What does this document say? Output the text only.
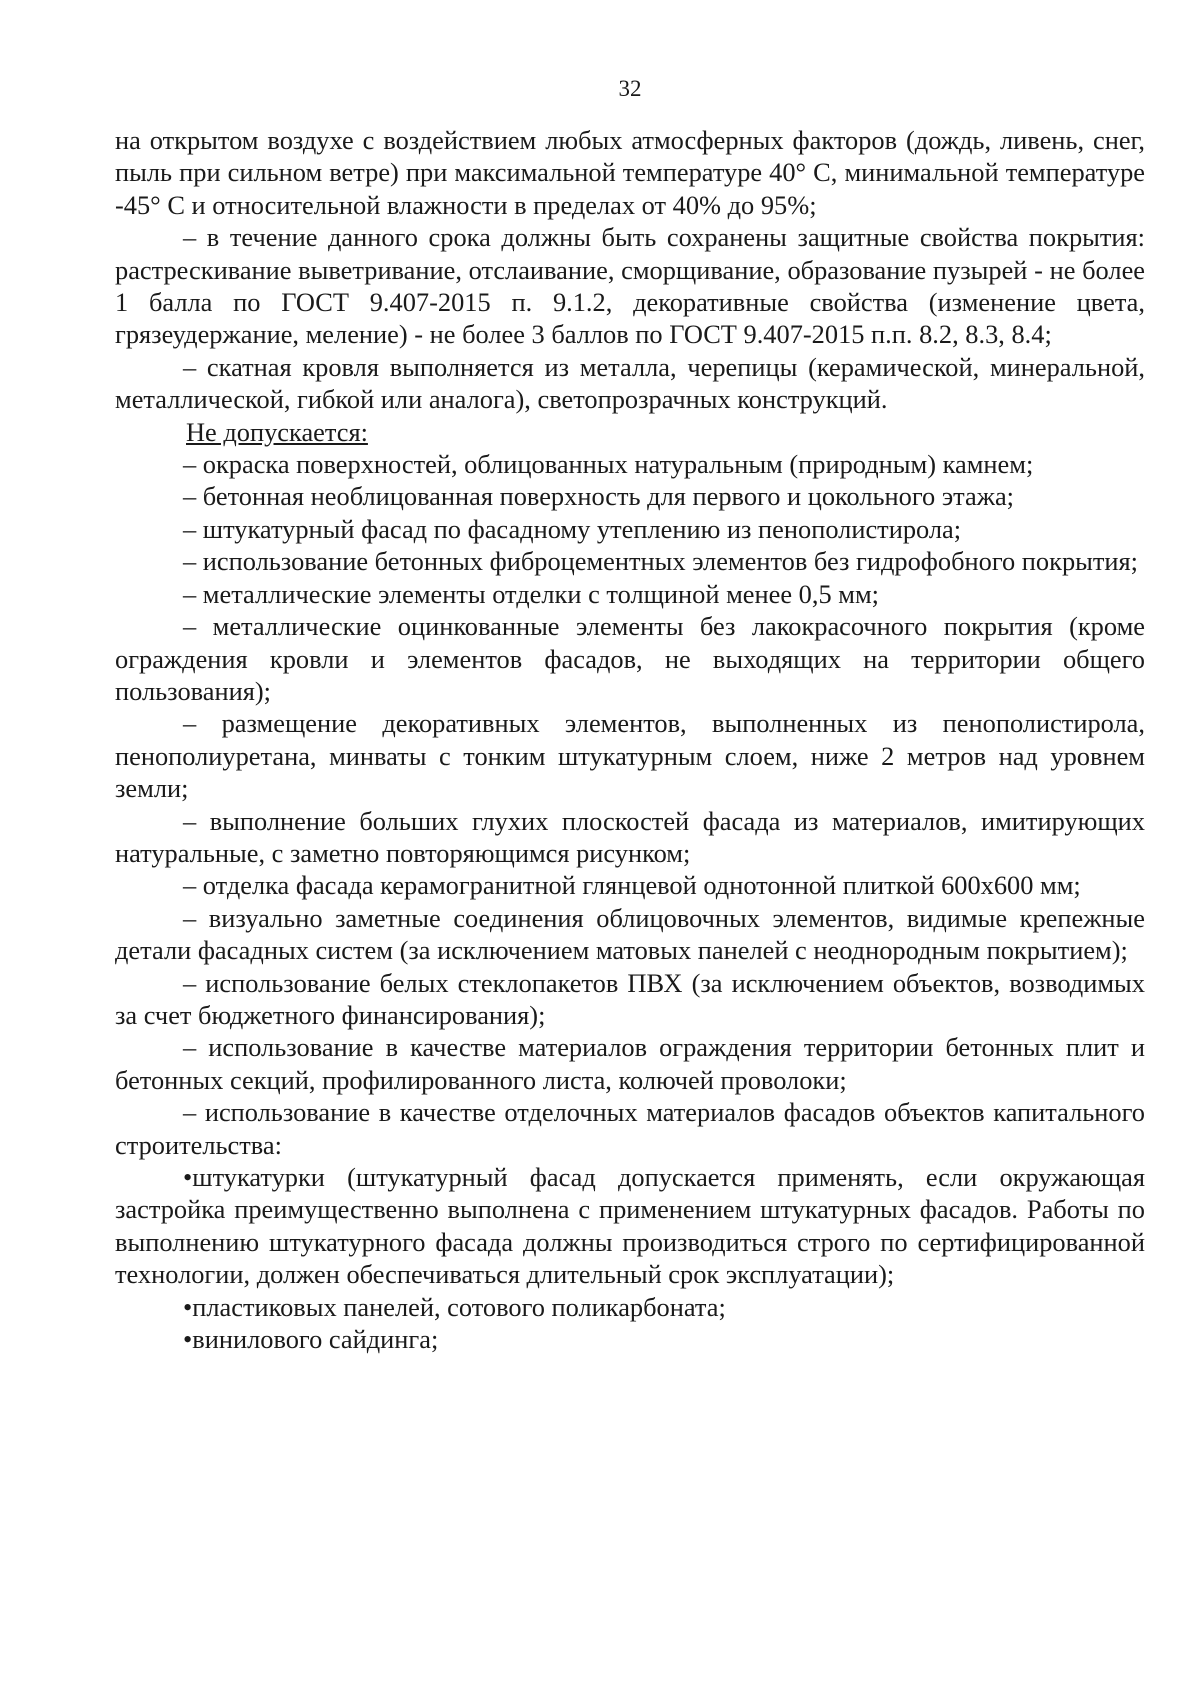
32

на открытом воздухе с воздействием любых атмосферных факторов (дождь, ливень, снег, пыль при сильном ветре) при максимальной температуре 40° С, минимальной температуре -45° С и относительной влажности в пределах от 40% до 95%;

– в течение данного срока должны быть сохранены защитные свойства покрытия: растрескивание выветривание, отслаивание, сморщивание, образование пузырей - не более 1 балла по ГОСТ 9.407-2015 п. 9.1.2, декоративные свойства (изменение цвета, грязеудержание, меление) - не более 3 баллов по ГОСТ 9.407-2015 п.п. 8.2, 8.3, 8.4;

– скатная кровля выполняется из металла, черепицы (керамической, минеральной, металлической, гибкой или аналога), светопрозрачных конструкций.

Не допускается:

– окраска поверхностей, облицованных натуральным (природным) камнем;

– бетонная необлицованная поверхность для первого и цокольного этажа;

– штукатурный фасад по фасадному утеплению из пенополистирола;

– использование бетонных фиброцементных элементов без гидрофобного покрытия;

– металлические элементы отделки с толщиной менее 0,5 мм;

– металлические оцинкованные элементы без лакокрасочного покрытия (кроме ограждения кровли и элементов фасадов, не выходящих на территории общего пользования);

– размещение декоративных элементов, выполненных из пенополистирола, пенополиуретана, минваты с тонким штукатурным слоем, ниже 2 метров над уровнем земли;

– выполнение больших глухих плоскостей фасада из материалов, имитирующих натуральные, с заметно повторяющимся рисунком;

– отделка фасада керамогранитной глянцевой однотонной плиткой 600х600 мм;

– визуально заметные соединения облицовочных элементов, видимые крепежные детали фасадных систем (за исключением матовых панелей с неоднородным покрытием);

– использование белых стеклопакетов ПВХ (за исключением объектов, возводимых за счет бюджетного финансирования);

– использование в качестве материалов ограждения территории бетонных плит и бетонных секций, профилированного листа, колючей проволоки;

– использование в качестве отделочных материалов фасадов объектов капитального строительства:

•штукатурки (штукатурный фасад допускается применять, если окружающая застройка преимущественно выполнена с применением штукатурных фасадов. Работы по выполнению штукатурного фасада должны производиться строго по сертифицированной технологии, должен обеспечиваться длительный срок эксплуатации);

•пластиковых панелей, сотового поликарбоната;

•винилового сайдинга;
